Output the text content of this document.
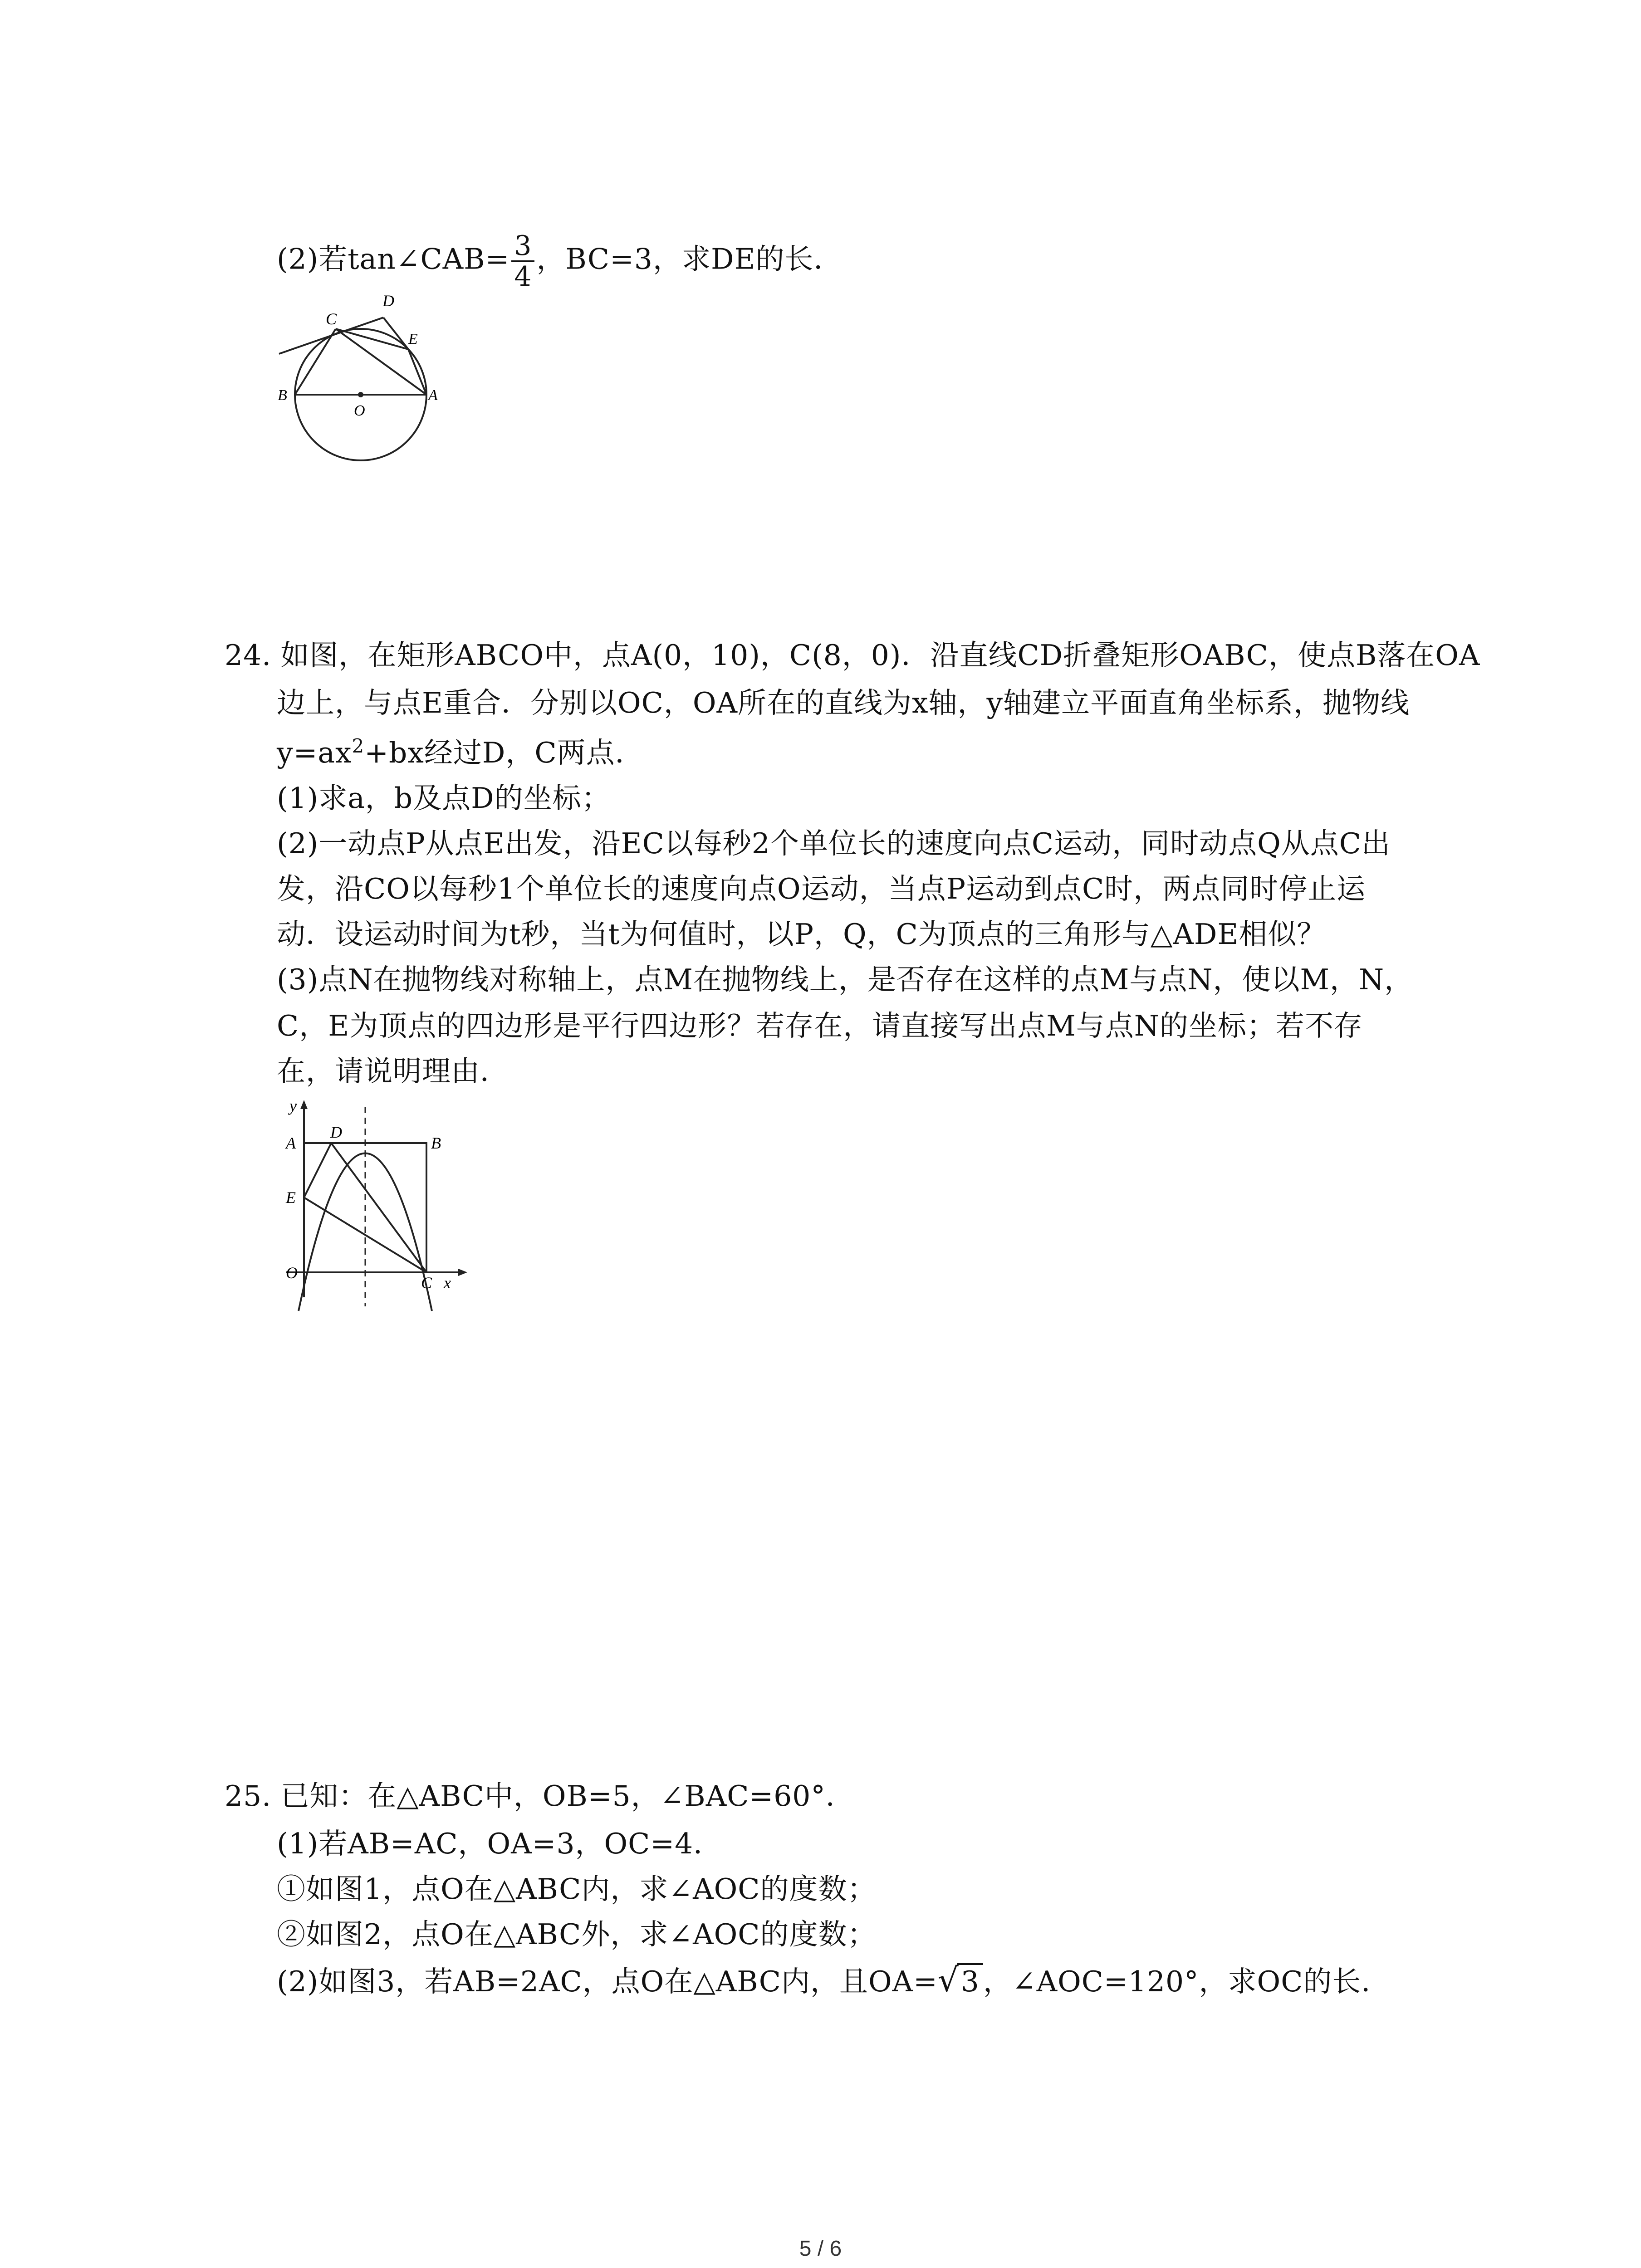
(2)若tan∠CAB= $\frac{3}{4}$ ，BC=3，求DE的长．
C
D
E
B
O
A
24. 如图，在矩形ABCO中，点A(0，10)，C(8，0)．沿直线CD折叠矩形OABC，使点B落在OA
边上，与点E重合．分别以OC，OA所在的直线为x轴，y轴建立平面直角坐标系，抛物线
$y=ax^2+bx$经过D，C两点．
(1)求a，b及点D的坐标；
(2)一动点P从点E出发，沿EC以每秒2个单位长的速度向点C运动，同时动点Q从点C出
发，沿CO以每秒1个单位长的速度向点O运动，当点P运动到点C时，两点同时停止运
动．设运动时间为t秒，当t为何值时，以P，Q，C为顶点的三角形与△ADE相似？
(3)点N在抛物线对称轴上，点M在抛物线上，是否存在这样的点M与点N，使以M，N，
C，E为顶点的四边形是平行四边形？若存在，请直接写出点M与点N的坐标；若不存
在，请说明理由．
y
A
D
B
E
O
C x
25. 已知：在△ABC中，OB=5，∠BAC=60°．
(1)若AB=AC，OA=3，OC=4．
①如图1，点O在△ABC内，求∠AOC的度数；
②如图2，点O在△ABC外，求∠AOC的度数；
(2)如图3，若AB=2AC，点O在△ABC内，且OA=√3 ，∠AOC=120°，求OC的长．
5 / 6
